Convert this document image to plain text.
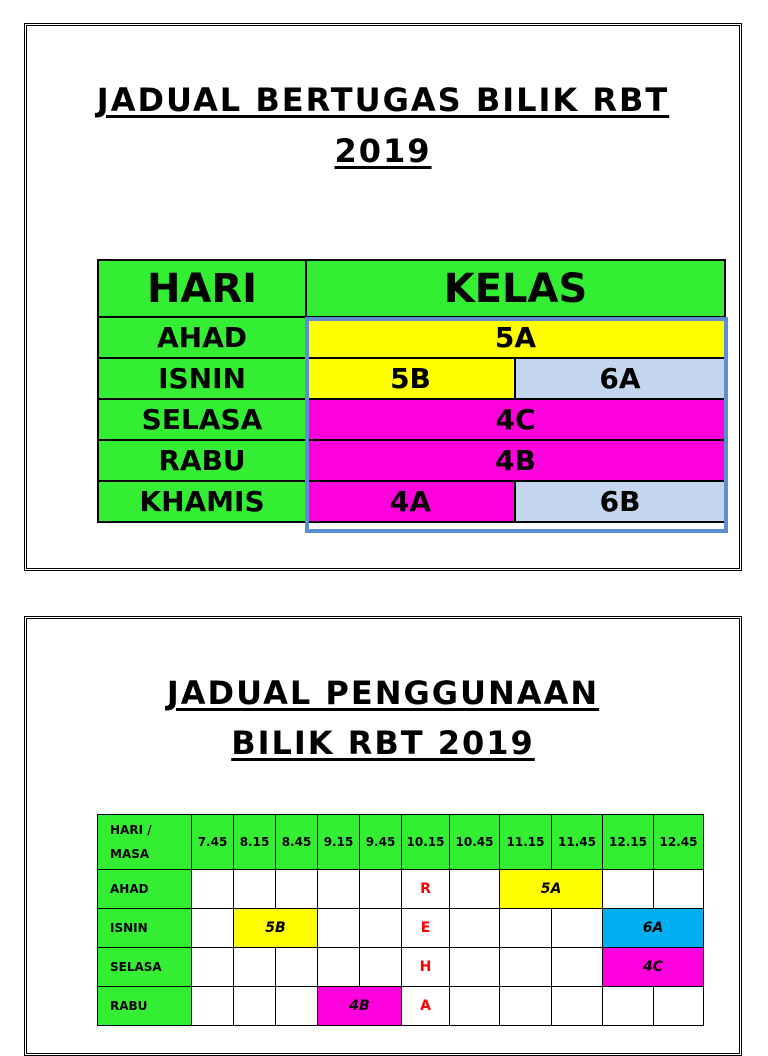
JADUAL BERTUGAS BILIK RBT
2019
HARI	KELAS	
AHAD	5A	
ISNIN	5B	6A
SELASA	4C	
RABU	4B	
KHAMIS	4A	6B
JADUAL PENGGUNAAN
BILIK RBT 2019
HARI / MASA	7.45	8.15	8.45	9.15	9.45	10.15	10.45	11.15	11.45	12.15	12.45
AHAD						R		5A			
ISNIN		5B				E				6A	
SELASA						H				4C	
RABU				4B		A					
